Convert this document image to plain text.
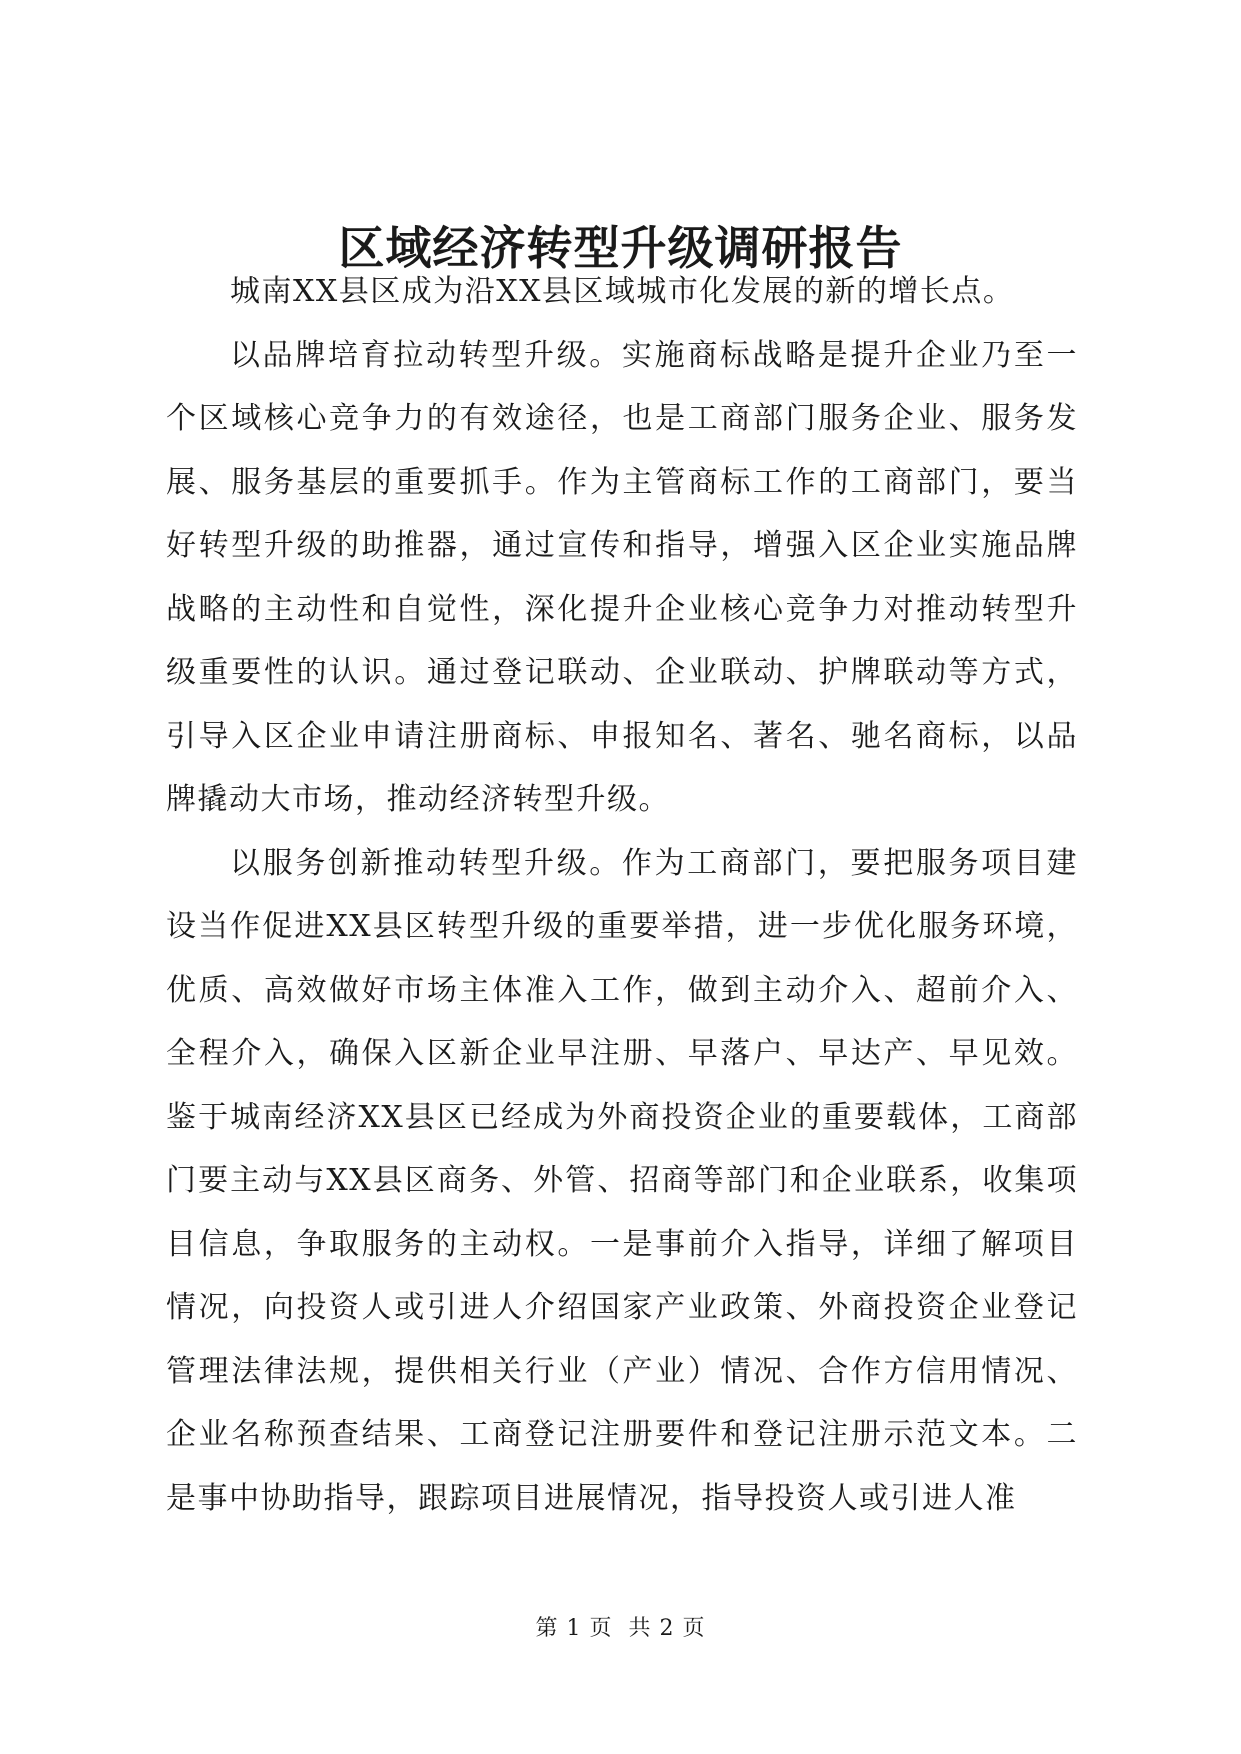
区域经济转型升级调研报告

城南XX县区成为沿XX县区域城市化发展的新的增长点。

以品牌培育拉动转型升级。实施商标战略是提升企业乃至一个区域核心竞争力的有效途径，也是工商部门服务企业、服务发展、服务基层的重要抓手。作为主管商标工作的工商部门，要当好转型升级的助推器，通过宣传和指导，增强入区企业实施品牌战略的主动性和自觉性，深化提升企业核心竞争力对推动转型升级重要性的认识。通过登记联动、企业联动、护牌联动等方式，引导入区企业申请注册商标、申报知名、著名、驰名商标，以品牌撬动大市场，推动经济转型升级。

以服务创新推动转型升级。作为工商部门，要把服务项目建设当作促进XX县区转型升级的重要举措，进一步优化服务环境，优质、高效做好市场主体准入工作，做到主动介入、超前介入、全程介入，确保入区新企业早注册、早落户、早达产、早见效。鉴于城南经济XX县区已经成为外商投资企业的重要载体，工商部门要主动与XX县区商务、外管、招商等部门和企业联系，收集项目信息，争取服务的主动权。一是事前介入指导，详细了解项目情况，向投资人或引进人介绍国家产业政策、外商投资企业登记管理法律法规，提供相关行业（产业）情况、合作方信用情况、企业名称预查结果、工商登记注册要件和登记注册示范文本。二是事中协助指导，跟踪项目进展情况，指导投资人或引进人准

第 1 页  共 2 页
